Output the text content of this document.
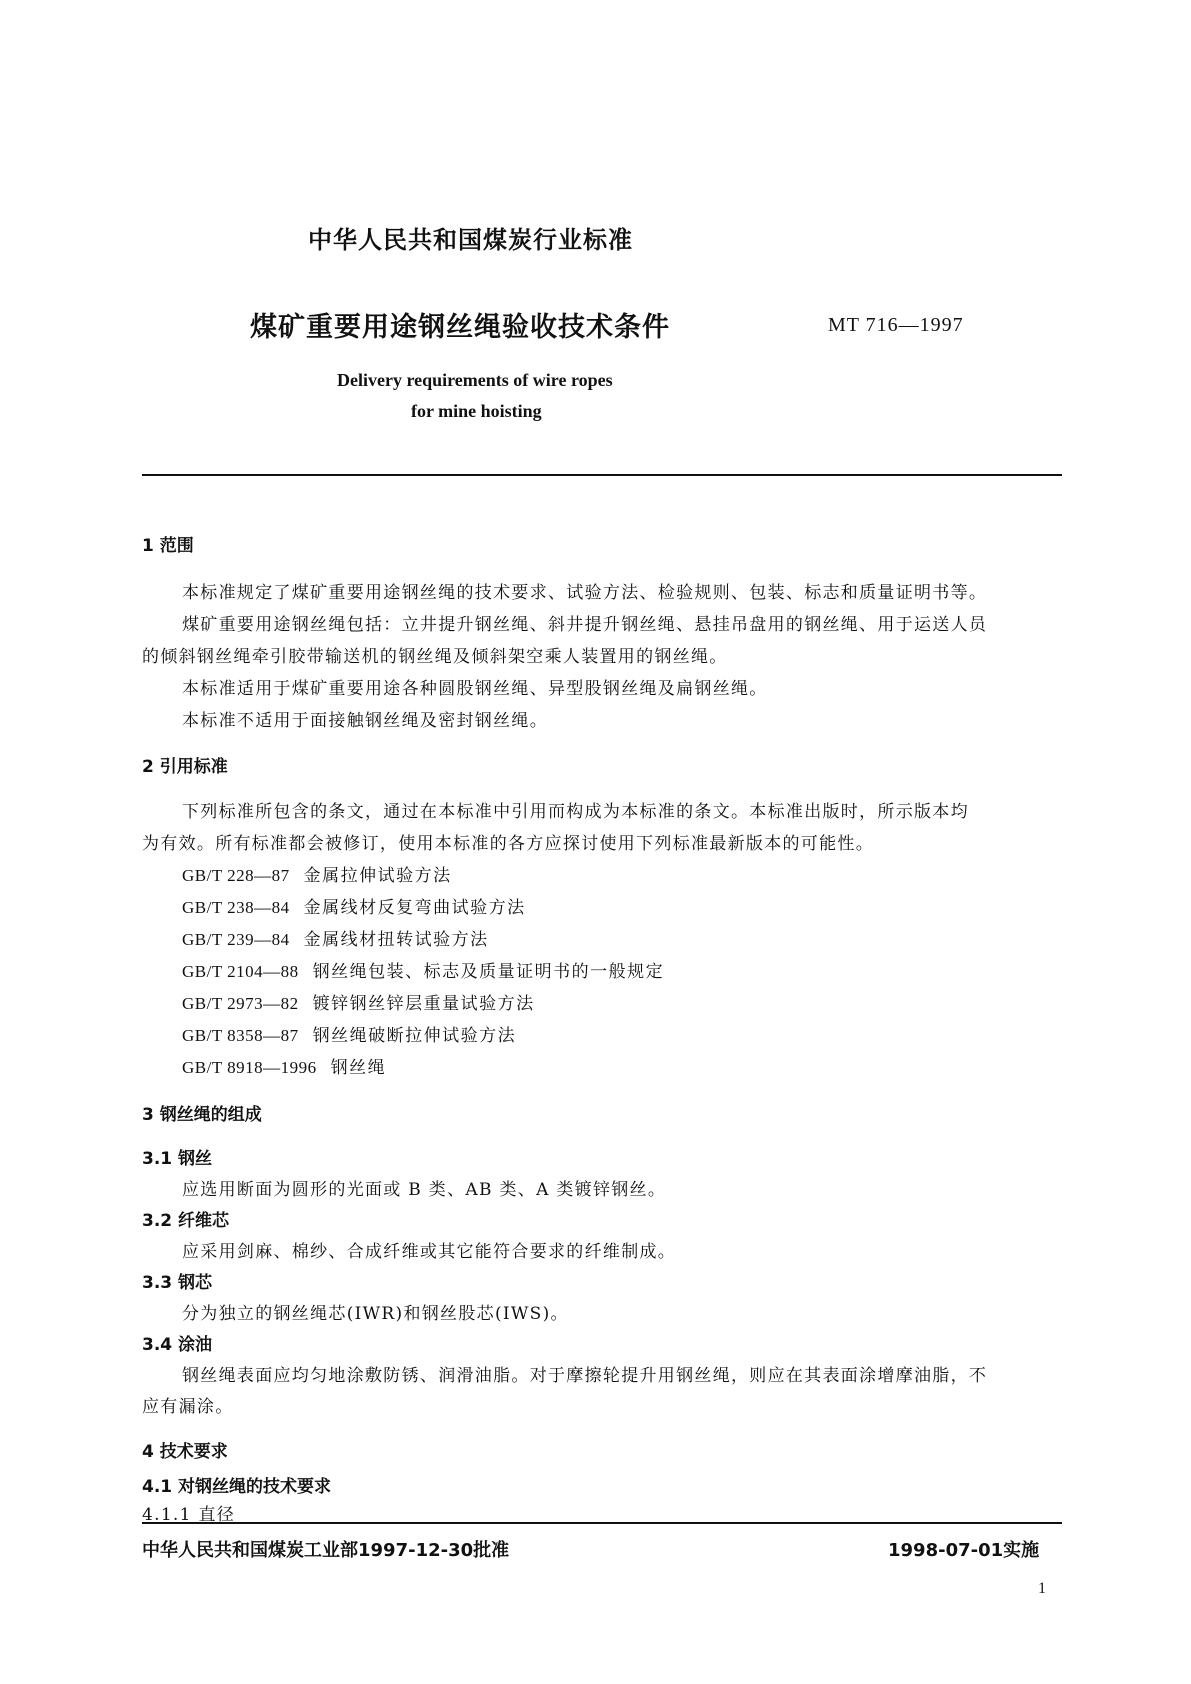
中华人民共和国煤炭行业标准
煤矿重要用途钢丝绳验收技术条件	MT 716—1997
Delivery requirements of wire ropes
for mine hoisting
1 范围
本标准规定了煤矿重要用途钢丝绳的技术要求、试验方法、检验规则、包装、标志和质量证明书等。
煤矿重要用途钢丝绳包括：立井提升钢丝绳、斜井提升钢丝绳、悬挂吊盘用的钢丝绳、用于运送人员
的倾斜钢丝绳牵引胶带输送机的钢丝绳及倾斜架空乘人装置用的钢丝绳。
本标准适用于煤矿重要用途各种圆股钢丝绳、异型股钢丝绳及扁钢丝绳。
本标准不适用于面接触钢丝绳及密封钢丝绳。
2 引用标准
下列标准所包含的条文，通过在本标准中引用而构成为本标准的条文。本标准出版时，所示版本均
为有效。所有标准都会被修订，使用本标准的各方应探讨使用下列标准最新版本的可能性。
GB/T 228—87 金属拉伸试验方法
GB/T 238—84 金属线材反复弯曲试验方法
GB/T 239—84 金属线材扭转试验方法
GB/T 2104—88 钢丝绳包装、标志及质量证明书的一般规定
GB/T 2973—82 镀锌钢丝锌层重量试验方法
GB/T 8358—87 钢丝绳破断拉伸试验方法
GB/T 8918—1996 钢丝绳
3 钢丝绳的组成
3.1 钢丝
应选用断面为圆形的光面或 B 类、AB 类、A 类镀锌钢丝。
3.2 纤维芯
应采用剑麻、棉纱、合成纤维或其它能符合要求的纤维制成。
3.3 钢芯
分为独立的钢丝绳芯(IWR)和钢丝股芯(IWS)。
3.4 涂油
钢丝绳表面应均匀地涂敷防锈、润滑油脂。对于摩擦轮提升用钢丝绳，则应在其表面涂增摩油脂，不
应有漏涂。
4 技术要求
4.1 对钢丝绳的技术要求
4.1.1 直径
中华人民共和国煤炭工业部1997-12-30批准	1998-07-01实施
1
